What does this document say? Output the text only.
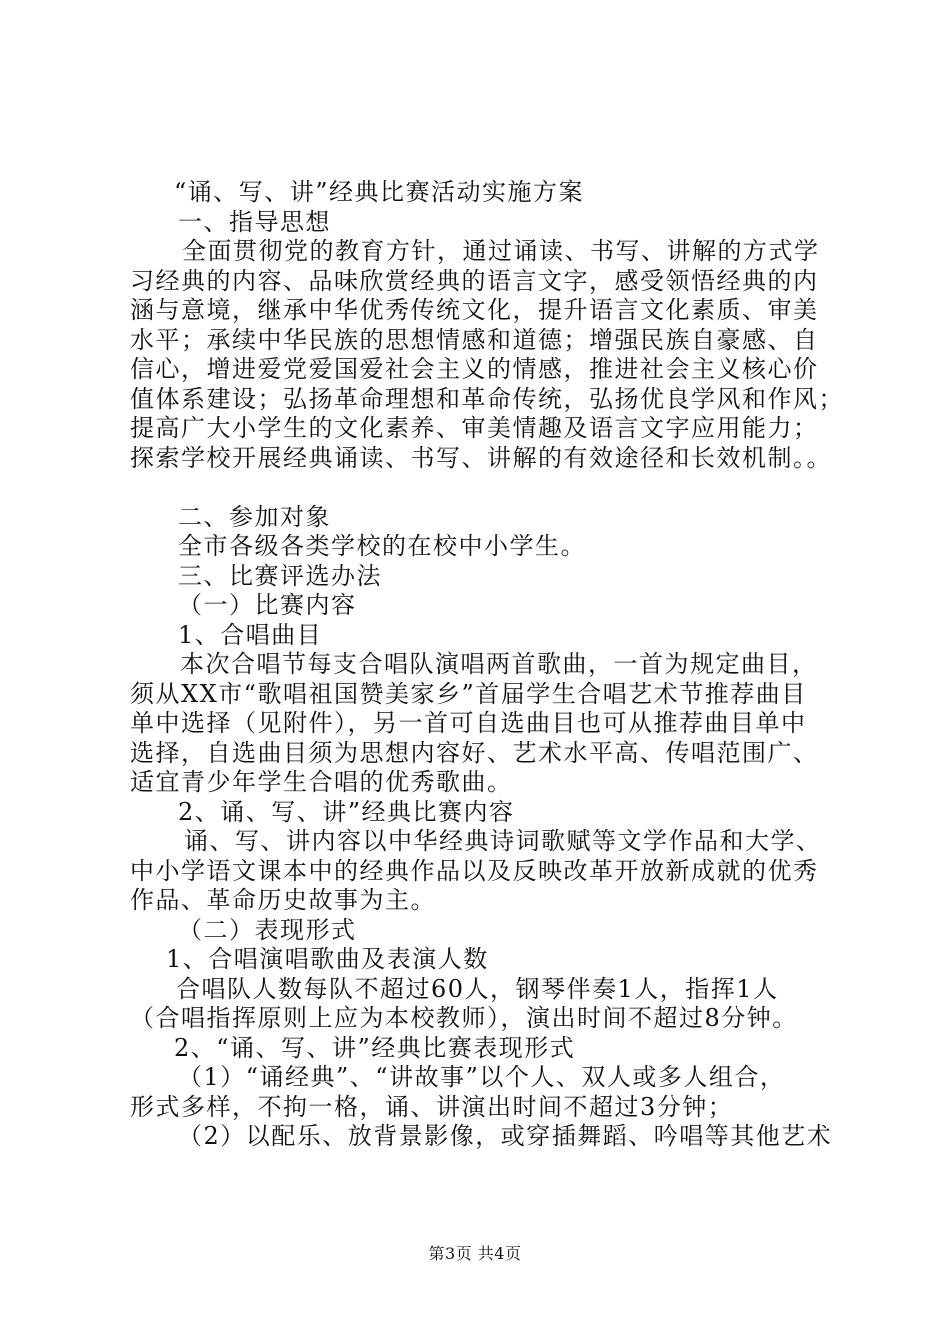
“诵、写、讲”经典比赛活动实施方案
一、指导思想
全面贯彻党的教育方针，通过诵读、书写、讲解的方式学
习经典的内容、品味欣赏经典的语言文字，感受领悟经典的内
涵与意境，继承中华优秀传统文化，提升语言文化素质、审美
水平；承续中华民族的思想情感和道德；增强民族自豪感、自
信心，增进爱党爱国爱社会主义的情感，推进社会主义核心价
值体系建设；弘扬革命理想和革命传统，弘扬优良学风和作风；
提高广大小学生的文化素养、审美情趣及语言文字应用能力；
探索学校开展经典诵读、书写、讲解的有效途径和长效机制。。
二、参加对象
全市各级各类学校的在校中小学生。
三、比赛评选办法
（一）比赛内容
1、合唱曲目
本次合唱节每支合唱队演唱两首歌曲，一首为规定曲目，
须从XX市“歌唱祖国赞美家乡”首届学生合唱艺术节推荐曲目
单中选择（见附件），另一首可自选曲目也可从推荐曲目单中
选择，自选曲目须为思想内容好、艺术水平高、传唱范围广、
适宜青少年学生合唱的优秀歌曲。
2、诵、写、讲”经典比赛内容
诵、写、讲内容以中华经典诗词歌赋等文学作品和大学、
中小学语文课本中的经典作品以及反映改革开放新成就的优秀
作品、革命历史故事为主。
（二）表现形式
1、合唱演唱歌曲及表演人数
合唱队人数每队不超过60人，钢琴伴奏1人，指挥1人
（合唱指挥原则上应为本校教师），演出时间不超过8分钟。
2、“诵、写、讲”经典比赛表现形式
（1）“诵经典”、“讲故事”以个人、双人或多人组合，
形式多样，不拘一格，诵、讲演出时间不超过3分钟；
（2）以配乐、放背景影像，或穿插舞蹈、吟唱等其他艺术
第3页 共4页
